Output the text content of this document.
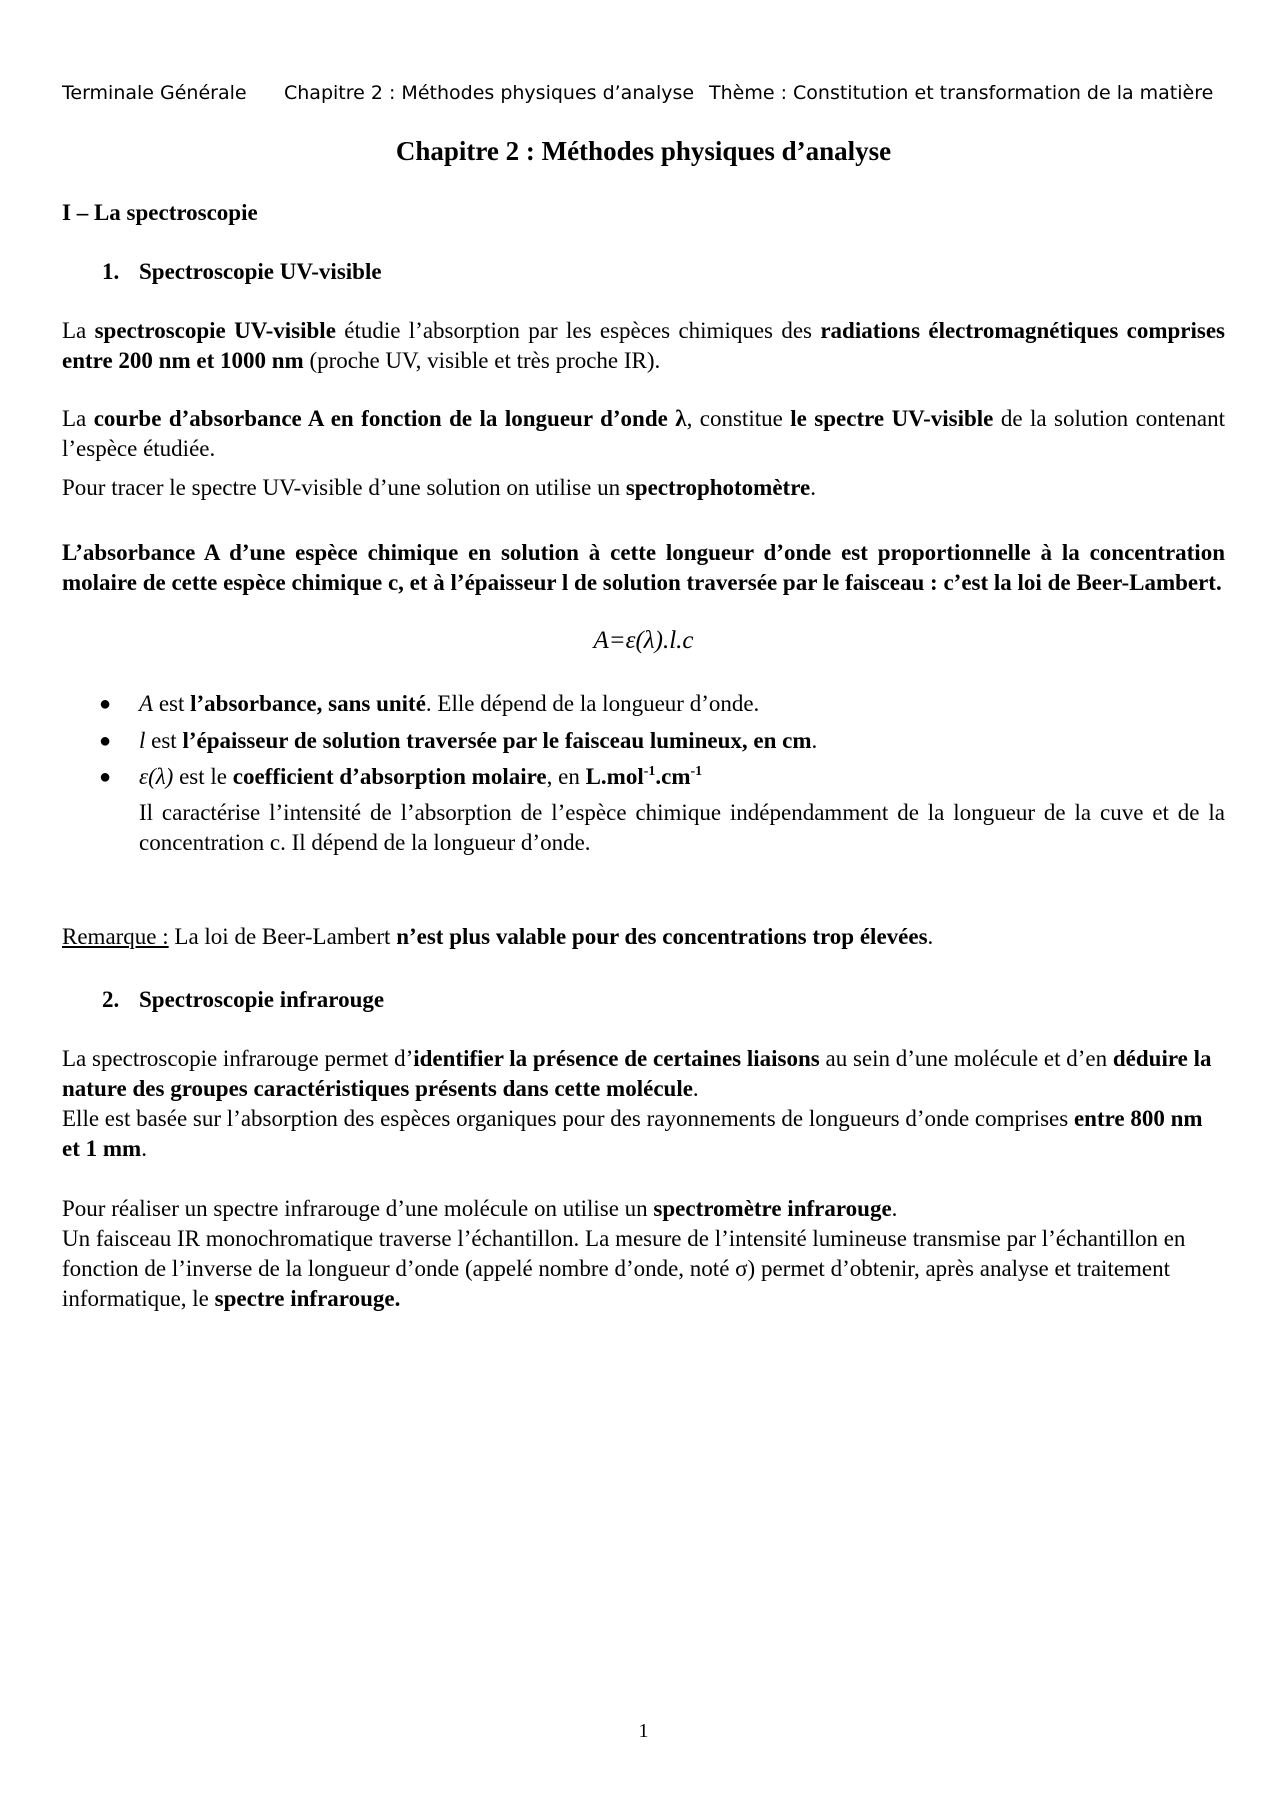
Terminale Générale Chapitre 2 : Méthodes physiques d’analyse Thème : Constitution et transformation de la matière
Chapitre 2 : Méthodes physiques d’analyse
I – La spectroscopie
1. Spectroscopie UV-visible
La spectroscopie UV-visible étudie l’absorption par les espèces chimiques des radiations électromagnétiques comprises entre 200 nm et 1000 nm (proche UV, visible et très proche IR).
La courbe d’absorbance A en fonction de la longueur d’onde λ, constitue le spectre UV-visible de la solution contenant l’espèce étudiée.
Pour tracer le spectre UV-visible d’une solution on utilise un spectrophotomètre.
L’absorbance A d’une espèce chimique en solution à cette longueur d’onde est proportionnelle à la concentration molaire de cette espèce chimique c, et à l’épaisseur l de solution traversée par le faisceau : c’est la loi de Beer-Lambert.
A=ε(λ).l.c
● A est l’absorbance, sans unité. Elle dépend de la longueur d’onde.
● l est l’épaisseur de solution traversée par le faisceau lumineux, en cm.
● ε(λ) est le coefficient d’absorption molaire, en $L.mol^{-1}.cm^{-1}$
Il caractérise l’intensité de l’absorption de l’espèce chimique indépendamment de la longueur de la cuve et de la concentration c. Il dépend de la longueur d’onde.
Remarque : La loi de Beer-Lambert n’est plus valable pour des concentrations trop élevées.
2. Spectroscopie infrarouge
La spectroscopie infrarouge permet d’identifier la présence de certaines liaisons au sein d’une molécule et d’en déduire la nature des groupes caractéristiques présents dans cette molécule.
Elle est basée sur l’absorption des espèces organiques pour des rayonnements de longueurs d’onde comprises entre 800 nm et 1 mm.
Pour réaliser un spectre infrarouge d’une molécule on utilise un spectromètre infrarouge.
Un faisceau IR monochromatique traverse l’échantillon. La mesure de l’intensité lumineuse transmise par l’échantillon en fonction de l’inverse de la longueur d’onde (appelé nombre d’onde, noté σ) permet d’obtenir, après analyse et traitement informatique, le spectre infrarouge.
1
